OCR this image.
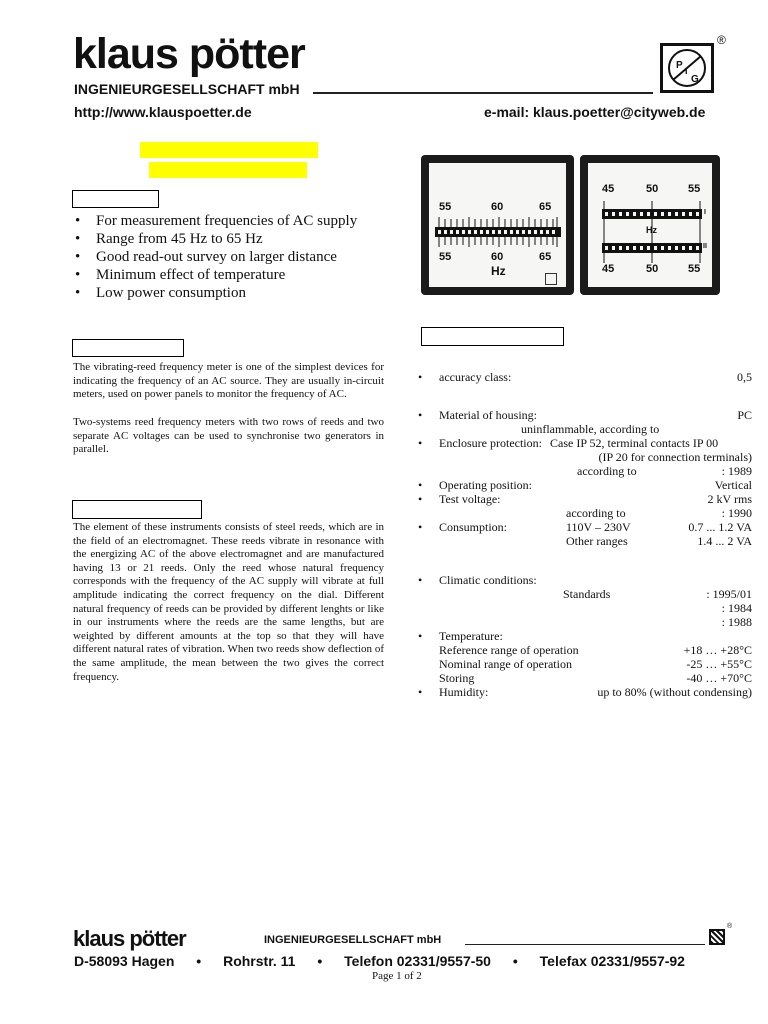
klaus pötter
INGENIEURGESELLSCHAFT mbH
http://www.klauspoetter.de	e-mail: klaus.poetter@cityweb.de
P I
G
®
• For measurement frequencies of AC supply
• Range from 45 Hz to 65 Hz
• Good read-out survey on larger distance
• Minimum effect of temperature
• Low power consumption
55	60	65
55	60	65
Hz
45	50	55
I
Hz
II
45	50	55
The vibrating-reed frequency meter is one of the simplest devices for indicating the frequency of an AC source. They are usually in-circuit meters, used on power panels to monitor the frequency of AC.
Two-systems reed frequency meters with two rows of reeds and two separate AC voltages can be used to synchronise two generators in parallel.
The element of these instruments consists of steel reeds, which are in the field of an electromagnet. These reeds vibrate in resonance with the energizing AC of the above electromagnet and are manufactured having 13 or 21 reeds. Only the reed whose natural frequency corresponds with the frequency of the AC supply will vibrate at full amplitude indicating the correct frequency on the dial. Different natural frequency of reeds can be provided by different lenghts or like in our instruments where the reeds are the same lengths, but are weighted by different amounts at the top so that they will have different natural rates of vibration. When two reeds show deflection of the same amplitude, the mean between the two gives the correct frequency.
• accuracy class:	0,5
• Material of housing:	PC
uninflammable, according to
• Enclosure protection: Case IP 52, terminal contacts IP 00
(IP 20 for connection terminals)
according to	: 1989
• Operating position:	Vertical
• Test voltage:	2 kV rms
according to	: 1990
• Consumption:	110V – 230V	0.7 ... 1.2 VA
Other ranges	1.4 ... 2 VA
• Climatic conditions:
Standards	: 1995/01
: 1984
: 1988
• Temperature:
Reference range of operation	+18 … +28°C
Nominal range of operation	-25 … +55°C
Storing	-40 … +70°C
• Humidity:	up to 80% (without condensing)
klaus pötter	INGENIEURGESELLSCHAFT mbH
®
D-58093 Hagen • Rohrstr. 11 • Telefon 02331/9557-50 • Telefax 02331/9557-92
Page 1 of 2
